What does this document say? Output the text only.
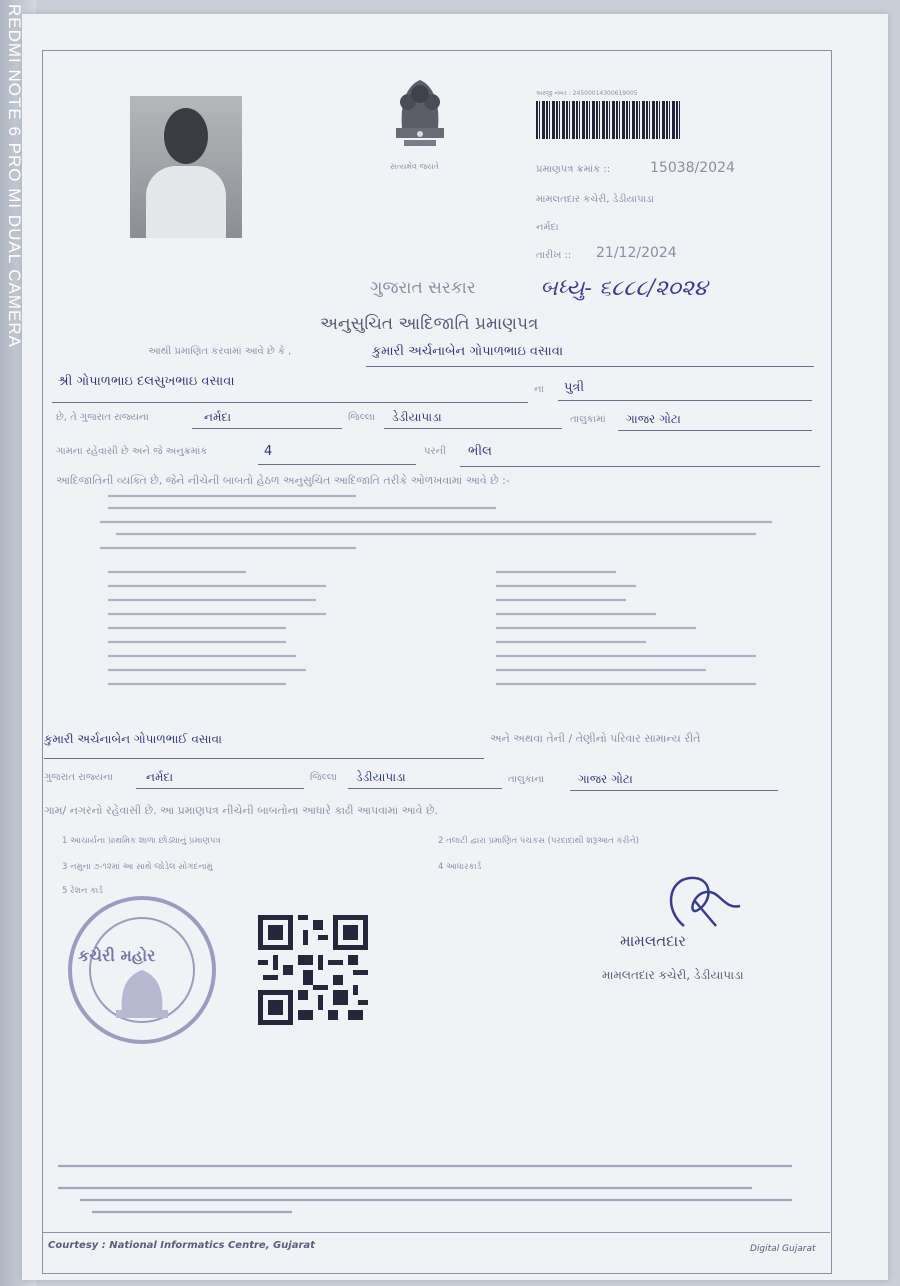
સત્યમેવ જયતે
અરજી નંબર : 24500014300619005
પ્રમાણપત્ર ક્રમાંક ::	15038/2024
મામલતદાર કચેરી, ડેડીયાપાડા
નર્મદા
તારીખ :: 21/12/2024
ગુજરાત સરકાર	બધ્યુ- ૬૮૮૮/૨૦૨૪
અનુસુચિત આદિજાતિ પ્રમાણપત્ર
આથી પ્રમાણિત કરવામાં આવે છે કે ,	કુમારી અર્ચનાબેન ગોપાળભાઇ વસાવા
શ્રી ગોપાળભાઇ દલસુખભાઇ વસાવા
ના પુત્રી
છે, તે ગુજરાત રાજ્યના	નર્મદા	જિલ્લા ડેડીયાપાડા	તાલુકામાં ગાજર ગોટા
ગામના રહેવાસી છે અને જે અનુક્રમાંક	4	પરની ભીલ
આદિજાતિની વ્યક્તિ છે, જેને નીચેની બાબતો હેઠળ અનુસુચિત આદિજાતિ તરીકે ઓળખવામાં આવે છે :-
કુમારી અર્ચનાબેન ગોપાળભાઈ વસાવા	અને અથવા તેની / તેણીનો પરિવાર સામાન્ય રીતે
ગુજરાત રાજ્યના	નર્મદા	જિલ્લા ડેડીયાપાડા	તાલુકાના	ગાજર ગોટા
ગામ/ નગરનો રહેવાસી છે. આ પ્રમાણપત્ર નીચેની બાબતોના આધારે કાઢી આપવામાં આવે છે.
1 આચાર્યના પ્રાથમિક શાળા છોડ્યાનું પ્રમાણપત્ર	2 તલાટી દ્વારા પ્રમાણિત પંચકસ (પરદાદાથી શરૂઆત કરીને)
3 નમુના ૭-૧૨માં આ સાથે જોડેલ સોગંદનામું	4 આધારકાર્ડ
5 રેશન કાર્ડ
કચેરી મહોર
મામલતદાર
મામલતદાર કચેરી, ડેડીયાપાડા
Courtesy : National Informatics Centre, Gujarat	Digital Gujarat
REDMI NOTE 6 PRO MI DUAL CAMERA
